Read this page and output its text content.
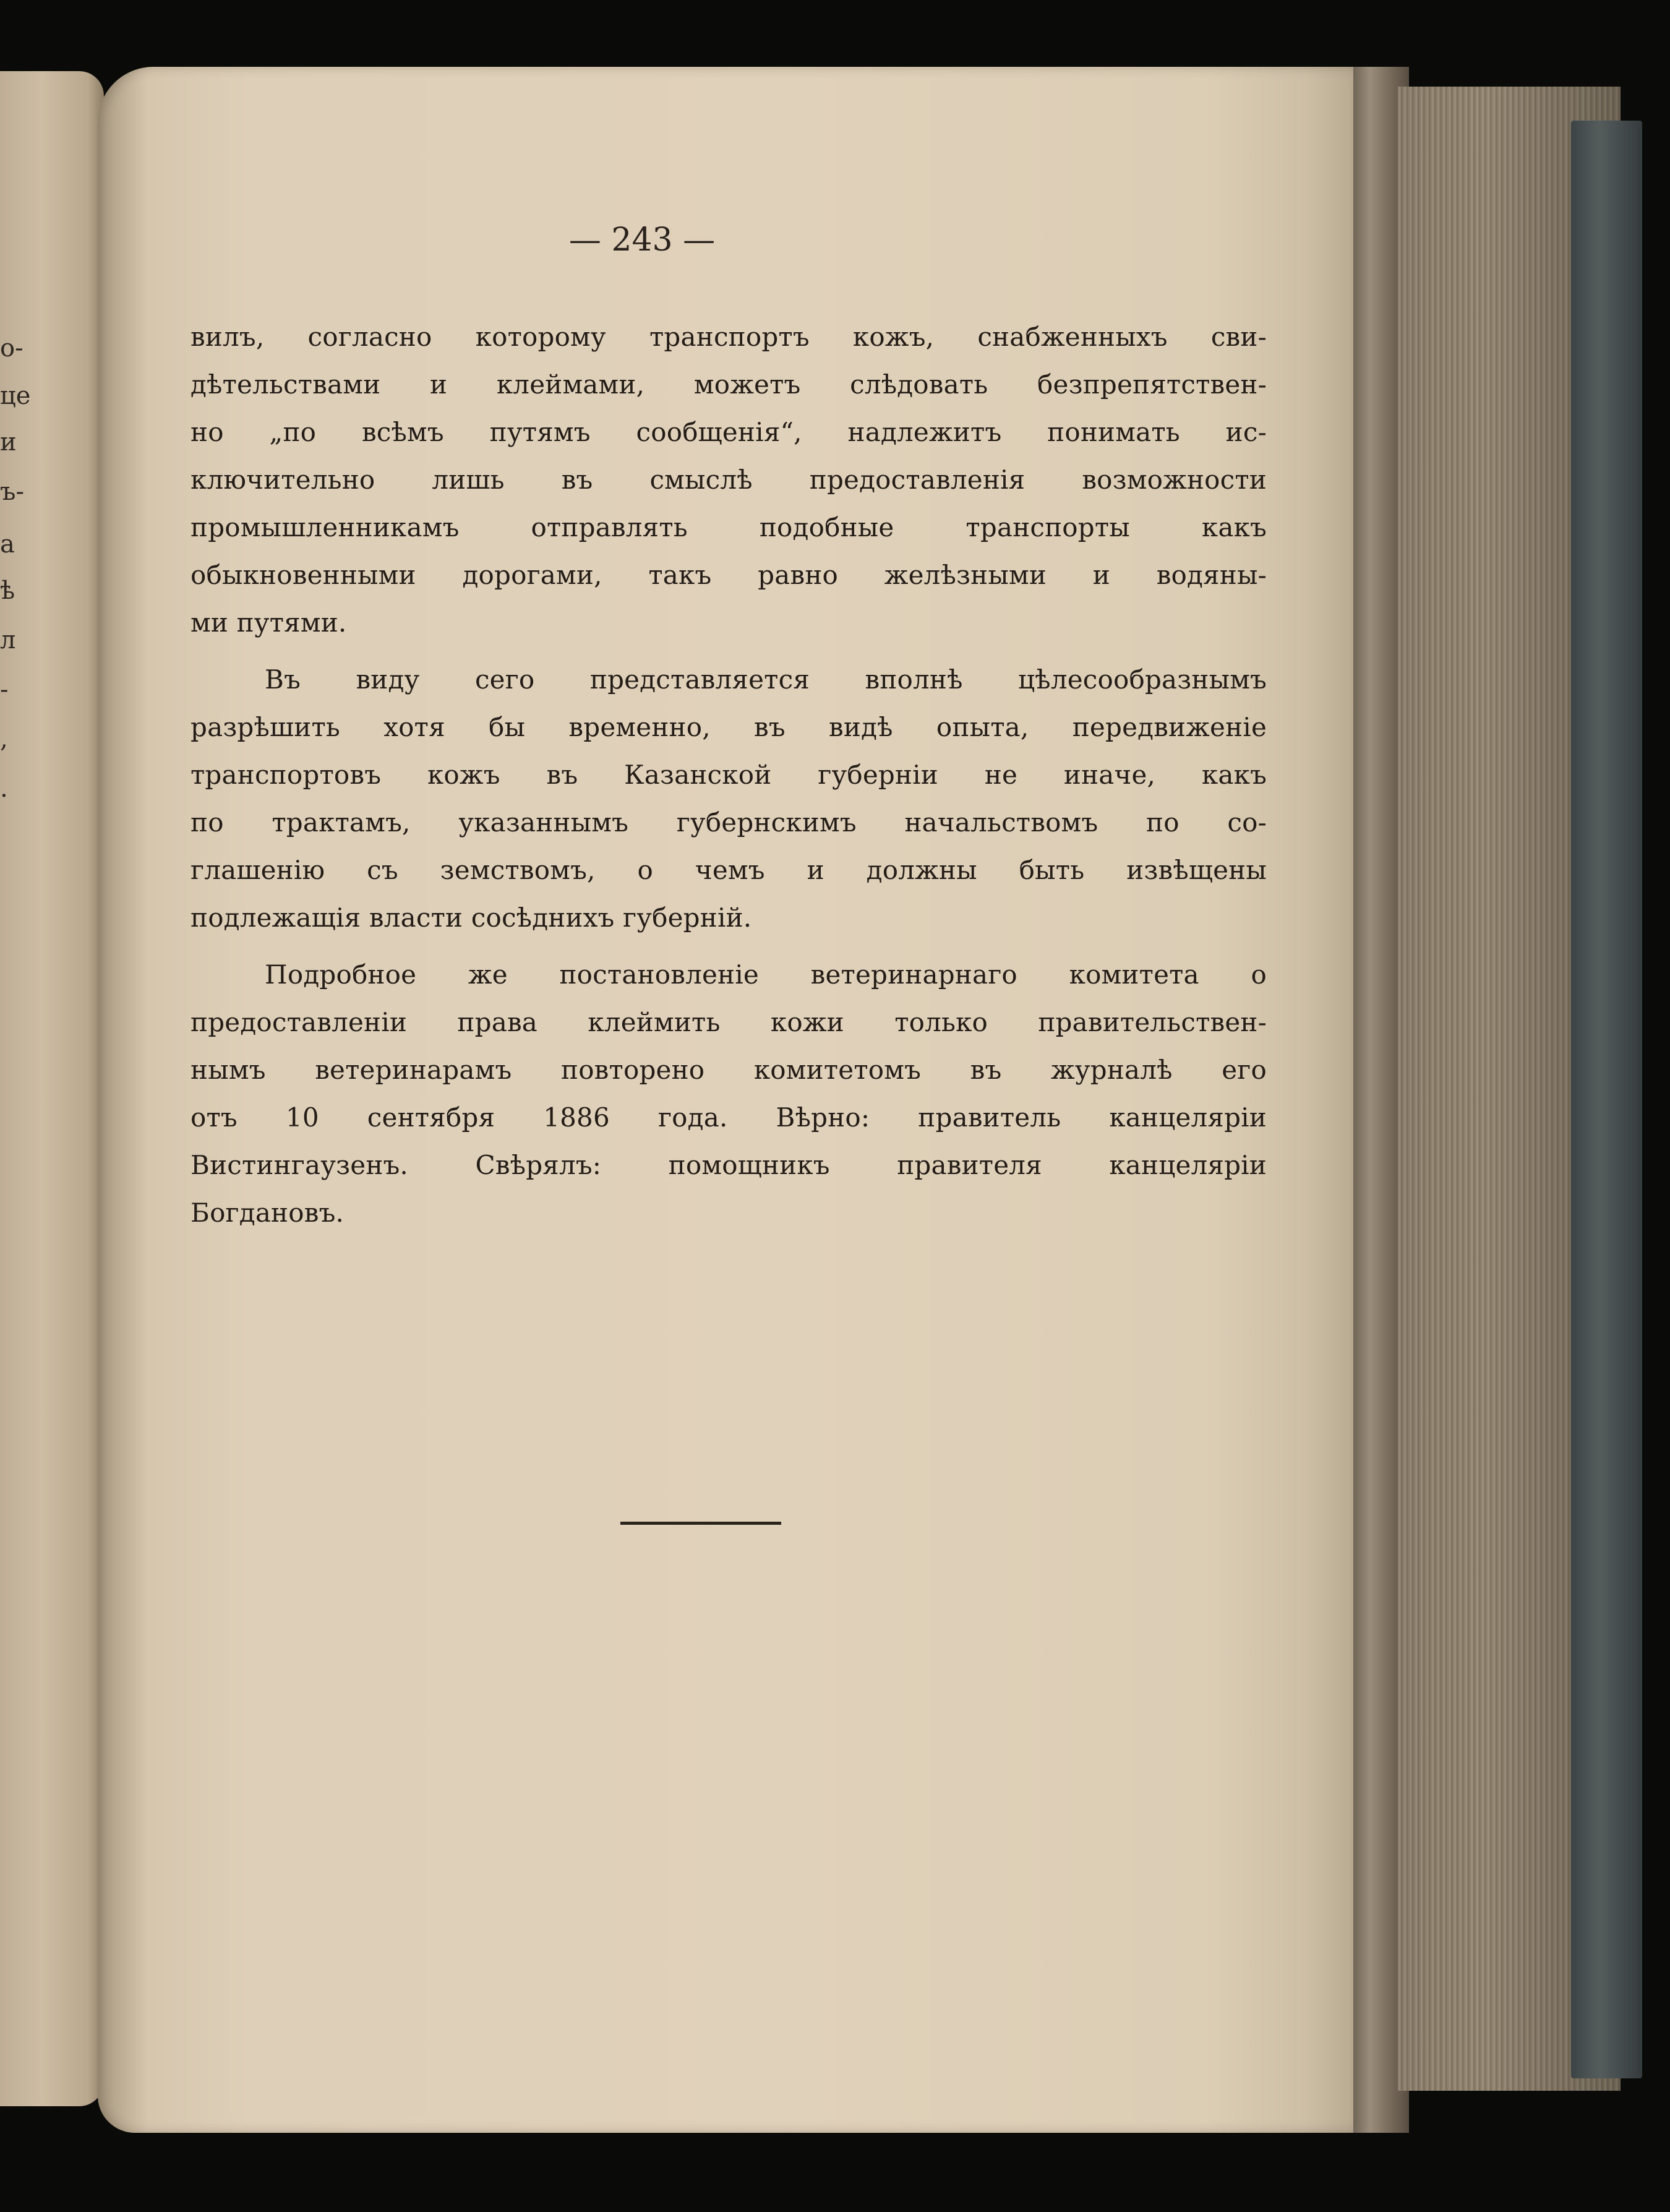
о-
це
и
ъ-
а
ѣ
л
-
,
.
— 243 —
вилъ, согласно которому транспортъ кожъ, снабженныхъ сви-
дѣтельствами и клеймами, можетъ слѣдовать безпрепятствен-
но „по всѣмъ путямъ сообщенія“, надлежитъ понимать ис-
ключительно лишь въ смыслѣ предоставленія возможности
промышленникамъ отправлять подобные транспорты какъ
обыкновенными дорогами, такъ равно желѣзными и водяны-
ми путями.
Въ виду сего представляется вполнѣ цѣлесообразнымъ
разрѣшить хотя бы временно, въ видѣ опыта, передвиженіе
транспортовъ кожъ въ Казанской губерніи не иначе, какъ
по трактамъ, указаннымъ губернскимъ начальствомъ по со-
глашенію съ земствомъ, о чемъ и должны быть извѣщены
подлежащія власти сосѣднихъ губерній.
Подробное же постановленіе ветеринарнаго комитета о
предоставленіи права клеймить кожи только правительствен-
нымъ ветеринарамъ повторено комитетомъ въ журналѣ его
отъ 10 сентября 1886 года. Вѣрно: правитель канцеляріи
Вистингаузенъ. Свѣрялъ: помощникъ правителя канцеляріи
Богдановъ.
